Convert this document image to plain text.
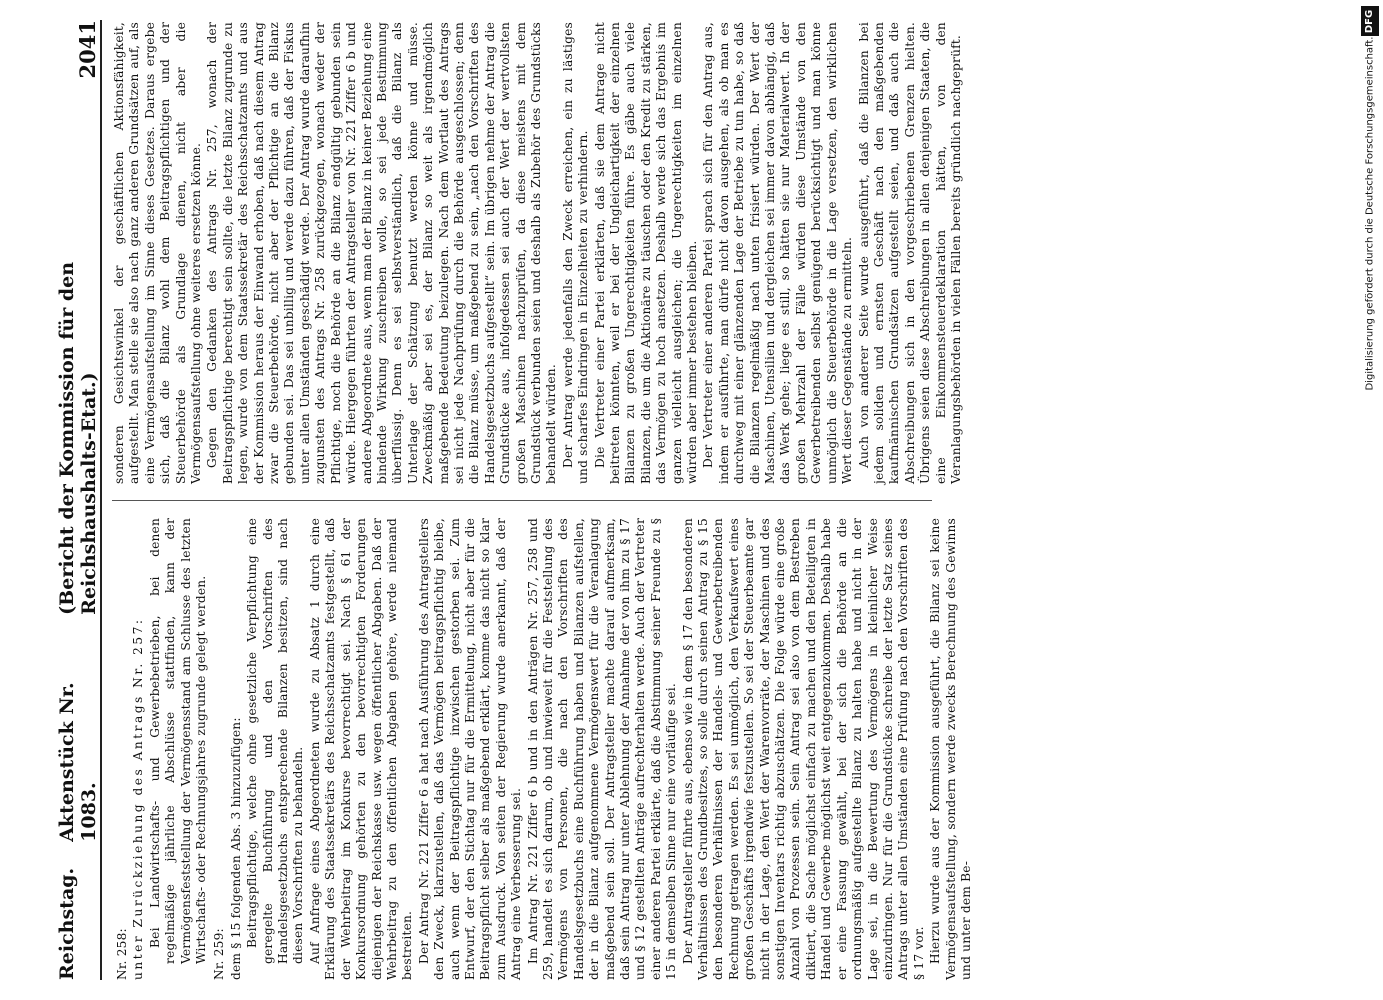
Reichstag.
Aktenstück Nr. 1083.
(Bericht der Kommission für den Reichshaushalts-Etat.)
2041

Nr. 258: unter Zurückziehung des Antrags Nr. 257: Bei Landwirtschafts- und Gewerbebetrieben, bei denen regelmäßige jährliche Abschlüsse stattfinden, kann der Vermögensfeststellung der Vermögensstand am Schlusse des letzten Wirtschafts- oder Rechnungsjahres zugrunde gelegt werden. Nr. 259: dem § 15 folgenden Abs. 3 hinzuzufügen: Beitragspflichtige, welche ohne gesetzliche Verpflichtung eine geregelte Buchführung und den Vorschriften des Handelsgesetzbuchs entsprechende Bilanzen besitzen, sind nach diesen Vorschriften zu behandeln. Auf Anfrage eines Abgeordneten wurde zu Absatz 1 durch eine Erklärung des Staatssekretärs des Reichsschatzamts festgestellt, daß der Wehrbeitrag im Konkurse bevorrechtigt sei. Nach § 61 der Konkursordnung gehörten zu den bevorrechtigten Forderungen diejenigen der Reichskasse usw. wegen öffentlicher Abgaben. Daß der Wehrbeitrag zu den öffentlichen Abgaben gehöre, werde niemand bestreiten. Der Antrag Nr. 221 Ziffer 6 a hat nach Ausführung des Antragstellers den Zweck, klarzustellen, daß das Vermögen beitragspflichtig bleibe, auch wenn der Beitragspflichtige inzwischen gestorben sei. Zum Entwurf, der den Stichtag nur für die Ermittelung, nicht aber für die Beitragspflicht selber als maßgebend erklärt, komme das nicht so klar zum Ausdruck. Von seiten der Regierung wurde anerkannt, daß der Antrag eine Verbesserung sei. Im Antrag Nr. 221 Ziffer 6 b und in den Anträgen Nr. 257, 258 und 259, handelt es sich darum, ob und inwieweit für die Feststellung des Vermögens von Personen, die nach den Vorschriften des Handelsgesetzbuchs eine Buchführung haben und Bilanzen aufstellen, der in die Bilanz aufgenommene Vermögenswert für die Veranlagung maßgebend sein soll. Der Antragsteller machte darauf aufmerksam, daß sein Antrag nur unter Ablehnung der Annahme der von ihm zu § 17 und § 12 gestellten Anträge aufrechterhalten werde. Auch der Vertreter einer anderen Partei erklärte, daß die Abstimmung seiner Freunde zu § 15 in demselben Sinne nur eine vorläufige sei. Der Antragsteller führte aus, ebenso wie in dem § 17 den besonderen Verhältnissen des Grundbesitzes, so solle durch seinen Antrag zu § 15 den besonderen Verhältnissen der Handels- und Gewerbetreibenden Rechnung getragen werden. Es sei unmöglich, den Verkaufswert eines großen Geschäfts irgendwie festzustellen. So sei der Steuerbeamte gar nicht in der Lage, den Wert der Warenvorräte, der Maschinen und des sonstigen Inventars richtig abzuschätzen. Die Folge würde eine große Anzahl von Prozessen sein. Sein Antrag sei also von dem Bestreben diktiert, die Sache möglichst einfach zu machen und den Beteiligten in Handel und Gewerbe möglichst weit entgegenzukommen. Deshalb habe er eine Fassung gewählt, bei der sich die Behörde an die ordnungsmäßig aufgestellte Bilanz zu halten habe und nicht in der Lage sei, in die Bewertung des Vermögens in kleinlicher Weise einzudringen. Nur für die Grundstücke schreibe der letzte Satz seines Antrags unter allen Umständen eine Prüfung nach den Vorschriften des § 17 vor. Hierzu wurde aus der Kommission ausgeführt, die Bilanz sei keine Vermögensaufstellung, sondern werde zwecks Berechnung des Gewinns und unter dem Be-

sonderen Gesichtswinkel der geschäftlichen Aktionsfähigkeit, aufgestellt. Man stelle sie also nach ganz anderen Grundsätzen auf, als eine Vermögensaufstellung im Sinne dieses Gesetzes. Daraus ergebe sich, daß die Bilanz wohl dem Beitragspflichtigen und der Steuerbehörde als Grundlage dienen, nicht aber die Vermögensaufstellung ohne weiteres ersetzen könne. Gegen den Gedanken des Antrags Nr. 257, wonach der Beitragspflichtige berechtigt sein sollte, die letzte Bilanz zugrunde zu legen, wurde von dem Staatssekretär des Reichsschatzamts und aus der Kommission heraus der Einwand erhoben, daß nach diesem Antrag zwar die Steuerbehörde, nicht aber der Pflichtige an die Bilanz gebunden sei. Das sei unbillig und werde dazu führen, daß der Fiskus unter allen Umständen geschädigt werde. Der Antrag wurde daraufhin zugunsten des Antrags Nr. 258 zurückgezogen, wonach weder der Pflichtige, noch die Behörde an die Bilanz endgültig gebunden sein würde. Hiergegen führten der Antragsteller von Nr. 221 Ziffer 6 b und andere Abgeordnete aus, wenn man der Bilanz in keiner Beziehung eine bindende Wirkung zuschreiben wolle, so sei jede Bestimmung überflüssig. Denn es sei selbstverständlich, daß die Bilanz als Unterlage der Schätzung benutzt werden könne und müsse. Zweckmäßig aber sei es, der Bilanz so weit als irgendmöglich maßgebende Bedeutung beizulegen. Nach dem Wortlaut des Antrags sei nicht jede Nachprüfung durch die Behörde ausgeschlossen; denn die Bilanz müsse, um maßgebend zu sein, „nach den Vorschriften des Handelsgesetzbuchs aufgestellt“ sein. Im übrigen nehme der Antrag die Grundstücke aus, infolgedessen sei auch der Wert der wertvollsten großen Maschinen nachzuprüfen, da diese meistens mit dem Grundstück verbunden seien und deshalb als Zubehör des Grundstücks behandelt würden. Der Antrag werde jedenfalls den Zweck erreichen, ein zu lästiges und scharfes Eindringen in Einzelheiten zu verhindern. Die Vertreter einer Partei erklärten, daß sie dem Antrage nicht beitreten könnten, weil er bei der Ungleichartigkeit der einzelnen Bilanzen zu großen Ungerechtigkeiten führe. Es gäbe auch viele Bilanzen, die um die Aktionäre zu täuschen oder den Kredit zu stärken, das Vermögen zu hoch ansetzen. Deshalb werde sich das Ergebnis im ganzen vielleicht ausgleichen; die Ungerechtigkeiten im einzelnen würden aber immer bestehen bleiben. Der Vertreter einer anderen Partei sprach sich für den Antrag aus, indem er ausführte, man dürfe nicht davon ausgehen, als ob man es durchweg mit einer glänzenden Lage der Betriebe zu tun habe, so daß die Bilanzen regelmäßig nach unten frisiert würden. Der Wert der Maschinen, Utensilien und dergleichen sei immer davon abhängig, daß das Werk gehe; liege es still, so hätten sie nur Materialwert. In der großen Mehrzahl der Fälle würden diese Umstände von den Gewerbetreibenden selbst genügend berücksichtigt und man könne unmöglich die Steuerbehörde in die Lage versetzen, den wirklichen Wert dieser Gegenstände zu ermitteln. Auch von anderer Seite wurde ausgeführt, daß die Bilanzen bei jedem soliden und ernsten Geschäft nach den maßgebenden kaufmännischen Grundsätzen aufgestellt seien, und daß auch die Abschreibungen sich in den vorgeschriebenen Grenzen hielten. Übrigens seien diese Abschreibungen in allen denjenigen Staaten, die eine Einkommensteuerdeklaration hätten, von den Veranlagungsbehörden in vielen Fällen bereits gründlich nachgeprüft.

DFG
Digitalisierung gefördert durch die Deutsche Forschungsgemeinschaft.
